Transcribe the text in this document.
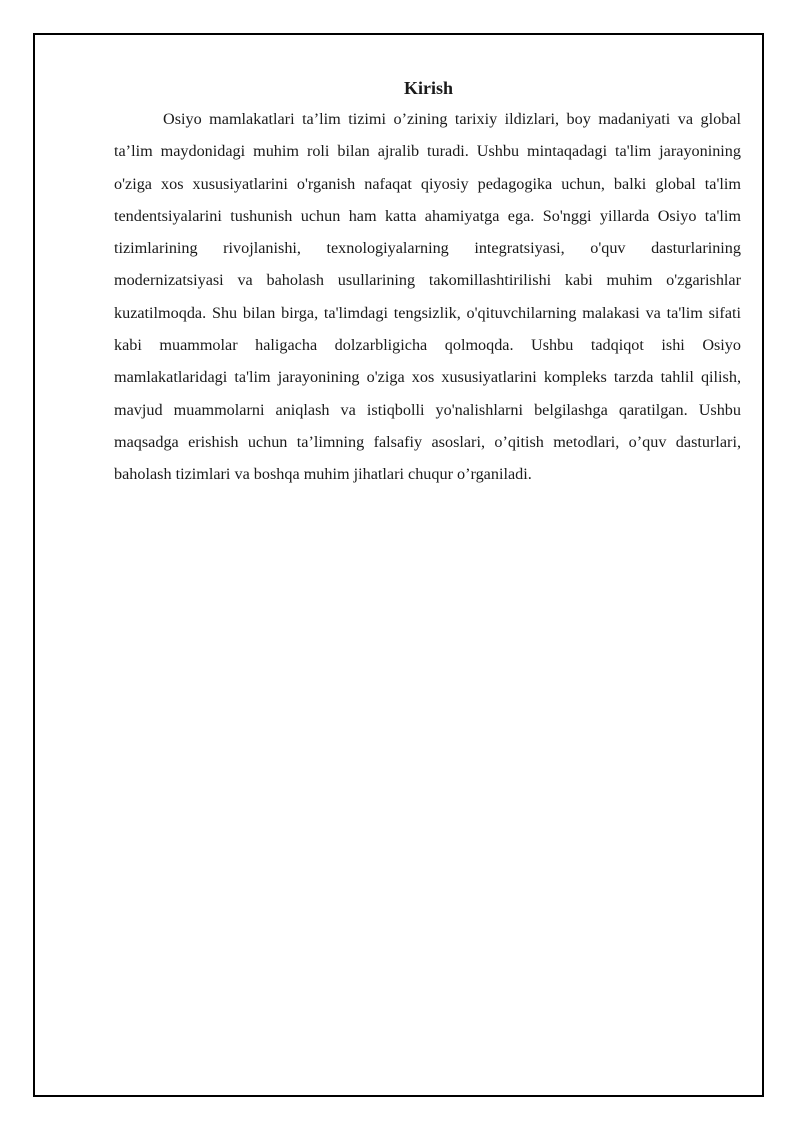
Kirish

Osiyo mamlakatlari ta’lim tizimi o’zining tarixiy ildizlari, boy madaniyati va global ta’lim maydonidagi muhim roli bilan ajralib turadi. Ushbu mintaqadagi ta'lim jarayonining o'ziga xos xususiyatlarini o'rganish nafaqat qiyosiy pedagogika uchun, balki global ta'lim tendentsiyalarini tushunish uchun ham katta ahamiyatga ega. So'nggi yillarda Osiyo ta'lim tizimlarining rivojlanishi, texnologiyalarning integratsiyasi, o'quv dasturlarining modernizatsiyasi va baholash usullarining takomillashtirilishi kabi muhim o'zgarishlar kuzatilmoqda. Shu bilan birga, ta'limdagi tengsizlik, o'qituvchilarning malakasi va ta'lim sifati kabi muammolar haligacha dolzarbligicha qolmoqda. Ushbu tadqiqot ishi Osiyo mamlakatlaridagi ta'lim jarayonining o'ziga xos xususiyatlarini kompleks tarzda tahlil qilish, mavjud muammolarni aniqlash va istiqbolli yo'nalishlarni belgilashga qaratilgan. Ushbu maqsadga erishish uchun ta’limning falsafiy asoslari, o’qitish metodlari, o’quv dasturlari, baholash tizimlari va boshqa muhim jihatlari chuqur o’rganiladi.
